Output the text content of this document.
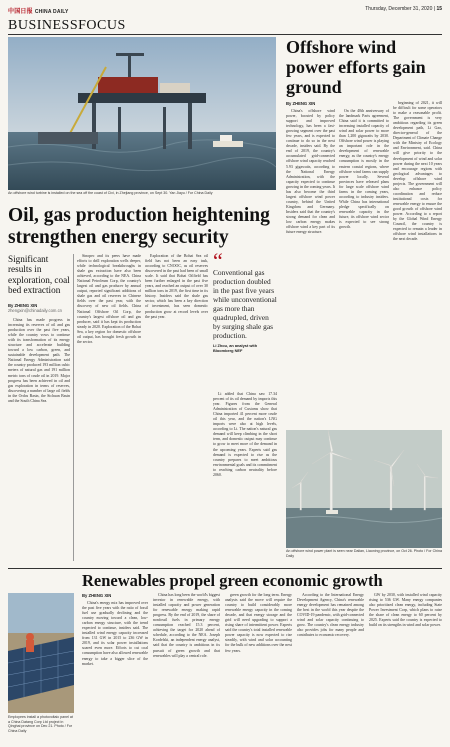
中国日报 CHINA DAILY	Thursday, December 31, 2020 | 15
BUSINESSFOCUS
An offshore wind turbine is installed on the sea off the coast of Cixi, in Zhejiang province, on Sept 30. Yan Jiayu / For China Daily
Oil, gas production heightening strengthen energy security
Significant results in exploration, coal bed extraction
By ZHENG XIN
zhengxin@chinadaily.com.cn

China has made progress in increasing its reserves of oil and gas production over the past five years, while the country vows to continue with its transformation of its energy structure and accelerate building toward a low carbon, green, and sustainable development path. The National Energy Administration said the country produced 193 million cubic meters of natural gas and 191 million metric tons of crude oil in 2019. Major progress has been achieved in oil and gas exploration in terms of reserves, discovering a number of large oil fields in the Ordos Basin, the Sichuan Basin and the South China Sea.

Sinopec and its peers have made efforts to drill exploration wells deeper, while technological breakthroughs in shale gas extraction have also been achieved, according to the NEA. China National Petroleum Corp, the country's largest oil and gas producer by annual output, reported significant additions of shale gas and oil reserves in Chinese fields over the past year, with the discovery of new oil fields. China National Offshore Oil Corp, the country's largest offshore oil and gas producer, said it has kept its production steady in 2020. Exploration of the Bohai Sea, a key region for domestic offshore oil output, has brought fresh growth in the sector.

Exploration of the Bohai Sea oil field has not been an easy task, according to CNOOC, as oil reserves discovered in the past had been of small scale. It said that Bohai Oilfield has been further enlarged in the past five years, and reached an output of over 30 million tons in 2019, the first time in its history. Insiders said the shale gas sector, which has been a key direction of investment, has seen domestic production grow at record levels over the past year.

“
Conventional gas production doubled in the past five years while unconventional gas more than quadrupled, driven by surging shale gas production.
Li Zhou, an analyst with Bloomberg NEF

Li added that China saw 17.34 percent of its oil demand by imports this year. Figures from the General Administration of Customs show that China imported 41 percent more crude oil this year, and the nation's LNG imports were also at high levels, according to Li. The nation's natural gas demand will keep climbing in the short term, and domestic output may continue to grow to meet more of the demand in the upcoming years. Experts said gas demand is expected to rise as the country prepares to meet ambitious environmental goals and its commitment to reaching carbon neutrality before 2060.

Offshore wind power efforts gain ground
By ZHENG XIN

China's offshore wind power, boosted by policy support and improved technology, has been a fast-growing segment over the past few years, and is expected to continue to do so in the next decade, insiders said. By the end of 2019, the country's accumulated grid-connected offshore wind capacity reached 5.93 gigawatts, according to the National Energy Administration, with the capacity expected to continue growing in the coming years. It has also become the third largest offshore wind power country, behind the United Kingdom and Germany. Insiders said that the country's strong demand for clean and low carbon energy makes offshore wind a key part of its future energy structure.

On the 40th anniversary of the landmark Paris agreement, China said it is committed to increasing installed capacity of wind and solar power to more than 1,200 gigawatts by 2030. Offshore wind power is playing an important role in the development of renewable energy, as the country's energy consumption is mostly in the eastern coastal regions, where offshore wind farms can supply power locally. Several provinces have released plans for large scale offshore wind farms in the coming years, according to industry insiders. While China has international pledge specifically on renewable capacity in the future, its offshore wind sector is expected to see strong growth.

beginning of 2021, it will be difficult for some operators to make a reasonable profit. The government is very ambitious regarding its green development path, Li Gao, director-general of the Department of Climate Change with the Ministry of Ecology and Environment, said. China will give priority to the development of wind and solar power during the next 10 years and encourage regions with geological advantages to develop offshore wind projects. The government will also enhance policy coordination and reduce institutional costs for renewable energy to ensure the good growth of offshore wind power. According to a report by the Global Wind Energy Council, the country is expected to remain a leader in offshore wind installations in the next decade.

An offshore wind power plant is seen near Dalian, Liaoning province, on Oct 26. Photo / For China Daily
Renewables propel green economic growth
Employees install a photovoltaic panel at a China Datang Corp Ltd project in Qinghai province on Dec 21. Photo / For China Daily
By ZHENG XIN

China's energy mix has improved over the past five years with the ratio of fossil fuel use gradually declining and the country moving toward a clean, low-carbon energy structure, with the trend expected to continue, insiders said. The installed wind energy capacity increased from 131 GW in 2015 to 236 GW in 2019, and its solar power installations soared even more. Efforts to cut coal consumption have also allowed renewable energy to take a bigger slice of the market.

China has long been the world's biggest investor in renewable energy, with installed capacity and power generation for renewable energy making rapid progress. By the end of 2019, the share of nonfossil fuels in primary energy consumption reached 15.3 percent, achieving the target for 2020 ahead of schedule, according to the NEA. Joseph Kordelski, an independent energy analyst, said that the country is ambitious in its pursuit of green growth and that renewables will play a central role.

green growth for the long term. Energy analysts said the move will require the country to build considerably more renewable energy capacity in the coming decade, and that energy storage and the grid will need upgrading to support a rising share of intermittent power. Experts said the country's total installed renewable power capacity is now expected to rise steadily, with wind and solar accounting for the bulk of new additions over the next few years.

According to the International Energy Development Agency, China's renewable energy development has remained among the best in the world this year despite the COVID-19 pandemic, with grid-connected wind and solar capacity continuing to grow. The country's clean energy industry also provides jobs for many people and contributes to economic recovery.

GW by 2030, with installed wind capacity rising to 536 GW. Many energy companies also prioritized clean energy, including State Power Investment Corp, which plans to raise the share of clean energy to 60 percent by 2025. Experts said the country is expected to build on its strengths in wind and solar power.
